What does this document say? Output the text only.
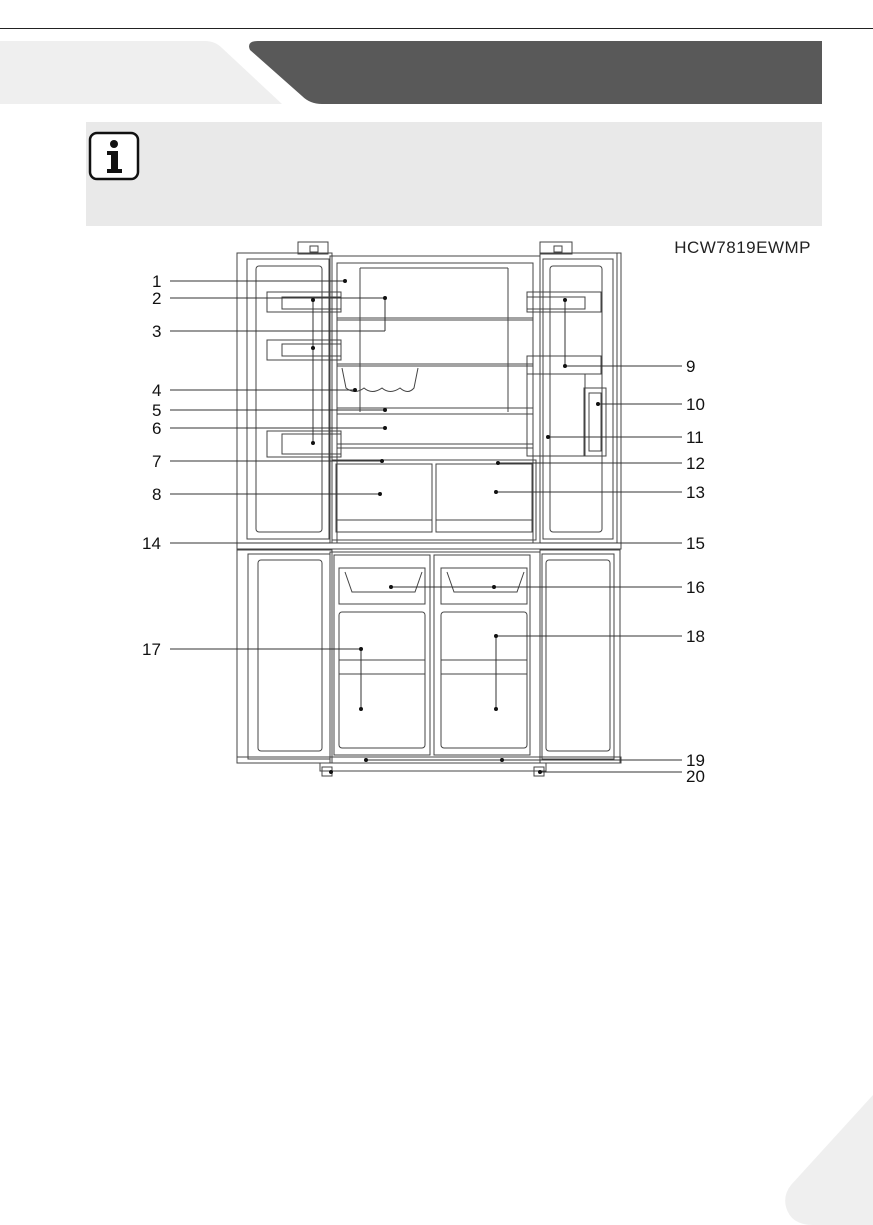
HCW7819EWMP
1
2
3
4
5
6
7
8
9
10
11
12
13
14	15
16
17
18
19
20
